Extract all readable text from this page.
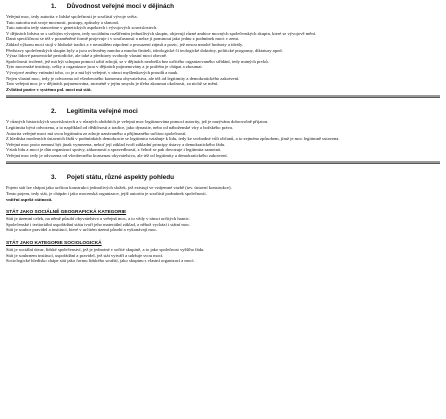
1. Důvodnost veřejné moci v dějinách

Veřejná moc, tedy autorita v lidské společnosti je součástí vývoje světa.

Tuto autoritu má svoje mocnosti, postupy, způsoby a slaností.

Tuto autoritu tedy stanovíme v genetických aspektech i vývojových souvislostech.

V dějinách lidstva se s určitým vývojem, tedy sociálním rozšířením jednotlivých skupin, objevují různé ambice mocných společenských skupin, které se vývojově mění.

Daná specifičnost se též v pozměněné formě projevuje i v současnosti a nelze ji pominout jako jednu z podmínek moci v zemi.

Základ výkonu moci stojí v hluboké tradici a v neustálém zápolení o prosazení zájmů a pozic, jež nesou mnohé hodnoty a ideály.

Představy společenských skupin byly a jsou ovlivněny mnoha a mnoha činiteli, ideologické či teologické doktríny, politické programy, diktatury apod.

Výraz lidové panovnické periodické, ale také a představy svobody vlastní moci obecně.

Společnosti tvořené, jež má být schopna pomocí užití zdrojů, se v dějinách neobešla bez určitého organizovaného střídání, tedy nutných prvků.

Tyto mocenské instituty, celky a organizace jsou v dějinách pojmenovány a je potřeba je chápat a zkoumat.

Vývojové změny vnímání toho, co je a má být veřejné, v rámci myšlenkových proudů a nauk.

Nejen vlastní moc, tedy je odvozena od všeobecného konsenzu obyvatelstva, ale též od legitimity a demokratického zakotvení.

Tato veřejná moc je v dějinách pojmenována, nicméně v jejím smyslu je třeba zkoumat okolnosti, za nichž se mění.

Zvláštní pozice v systému pol. moci má stát.

2. Legitimita veřejné moci

V různých historických souvislostech a v různých obdobích je veřejná moc legitimována pomocí autority, jež je nazývána dobrovolně přijatou.

Legitimita bývá odvozena, a to například od dědičnosti a tradice, jako dynastie, nebo od náboženské víry a božského práva.

Autorita veřejné moci má svou legitimitu ze zdroje uznávaného a přijímaného určitou společností.

Z hlediska moderních ústavních řádů v podmínkách demokracie se legitimita vztahuje k lidu, tedy ke svobodné vůli občanů, a to zejména způsobem, jímž je moc legitimně ustavena.

Veřejná moc proto nemusí být jinak vymezena, neboť její základ tvoří základní principy ústavy a demokratického řádu.

Vztah lidu a moci je dán organizací správy, zákonností a spravedlností, z čehož se pak dovozuje i legitimita samotná.

Veřejná moc tedy je odvozena od všeobecného konsenzu obyvatelstva, ale též od legitimity a demokratického zakotvení.

3. Pojetí státu, různé aspekty pohledu

Pojem stát lze chápat jako určitou konstrukci jednotlivých složek, jež existují ve vzájemné vazbě (tzv. ústavní konstrukce).

Tento pojem, tedy stát, je chápán i jako mocenská organizace, jejíž autorita je součástí podmínek společnosti.

vnitřní aspekt státnosti.

STÁT JAKO SOCIÁLNĚ GEOGRAFICKÁ KATEGORIE

Stát je územní celek, na němž působí obyvatelstvo a veřejná moc, a to vždy v rámci určitých hranic.

Společenské i teritoriální uspořádání státu tvoří jeho materiální základ, z něhož vychází i státní moc.

Stát je soubor pravidel a institucí, které v určitém území působí a vykonávají moc.

STÁT JAKO KATEGORIE SOCIOLOGICKÁ

Stát je sociální útvar, lidské společenství, jež je jednotné v určité skupině, a to jako společnost vyššího řádu.

Stát je souhrnem institucí, uspořádání a pravidel, jež stát vytváří a udržuje svou mocí.

Sociologické hledisko chápe stát jako formu lidského soužití, jako skupinu s vlastní organizací a mocí.
